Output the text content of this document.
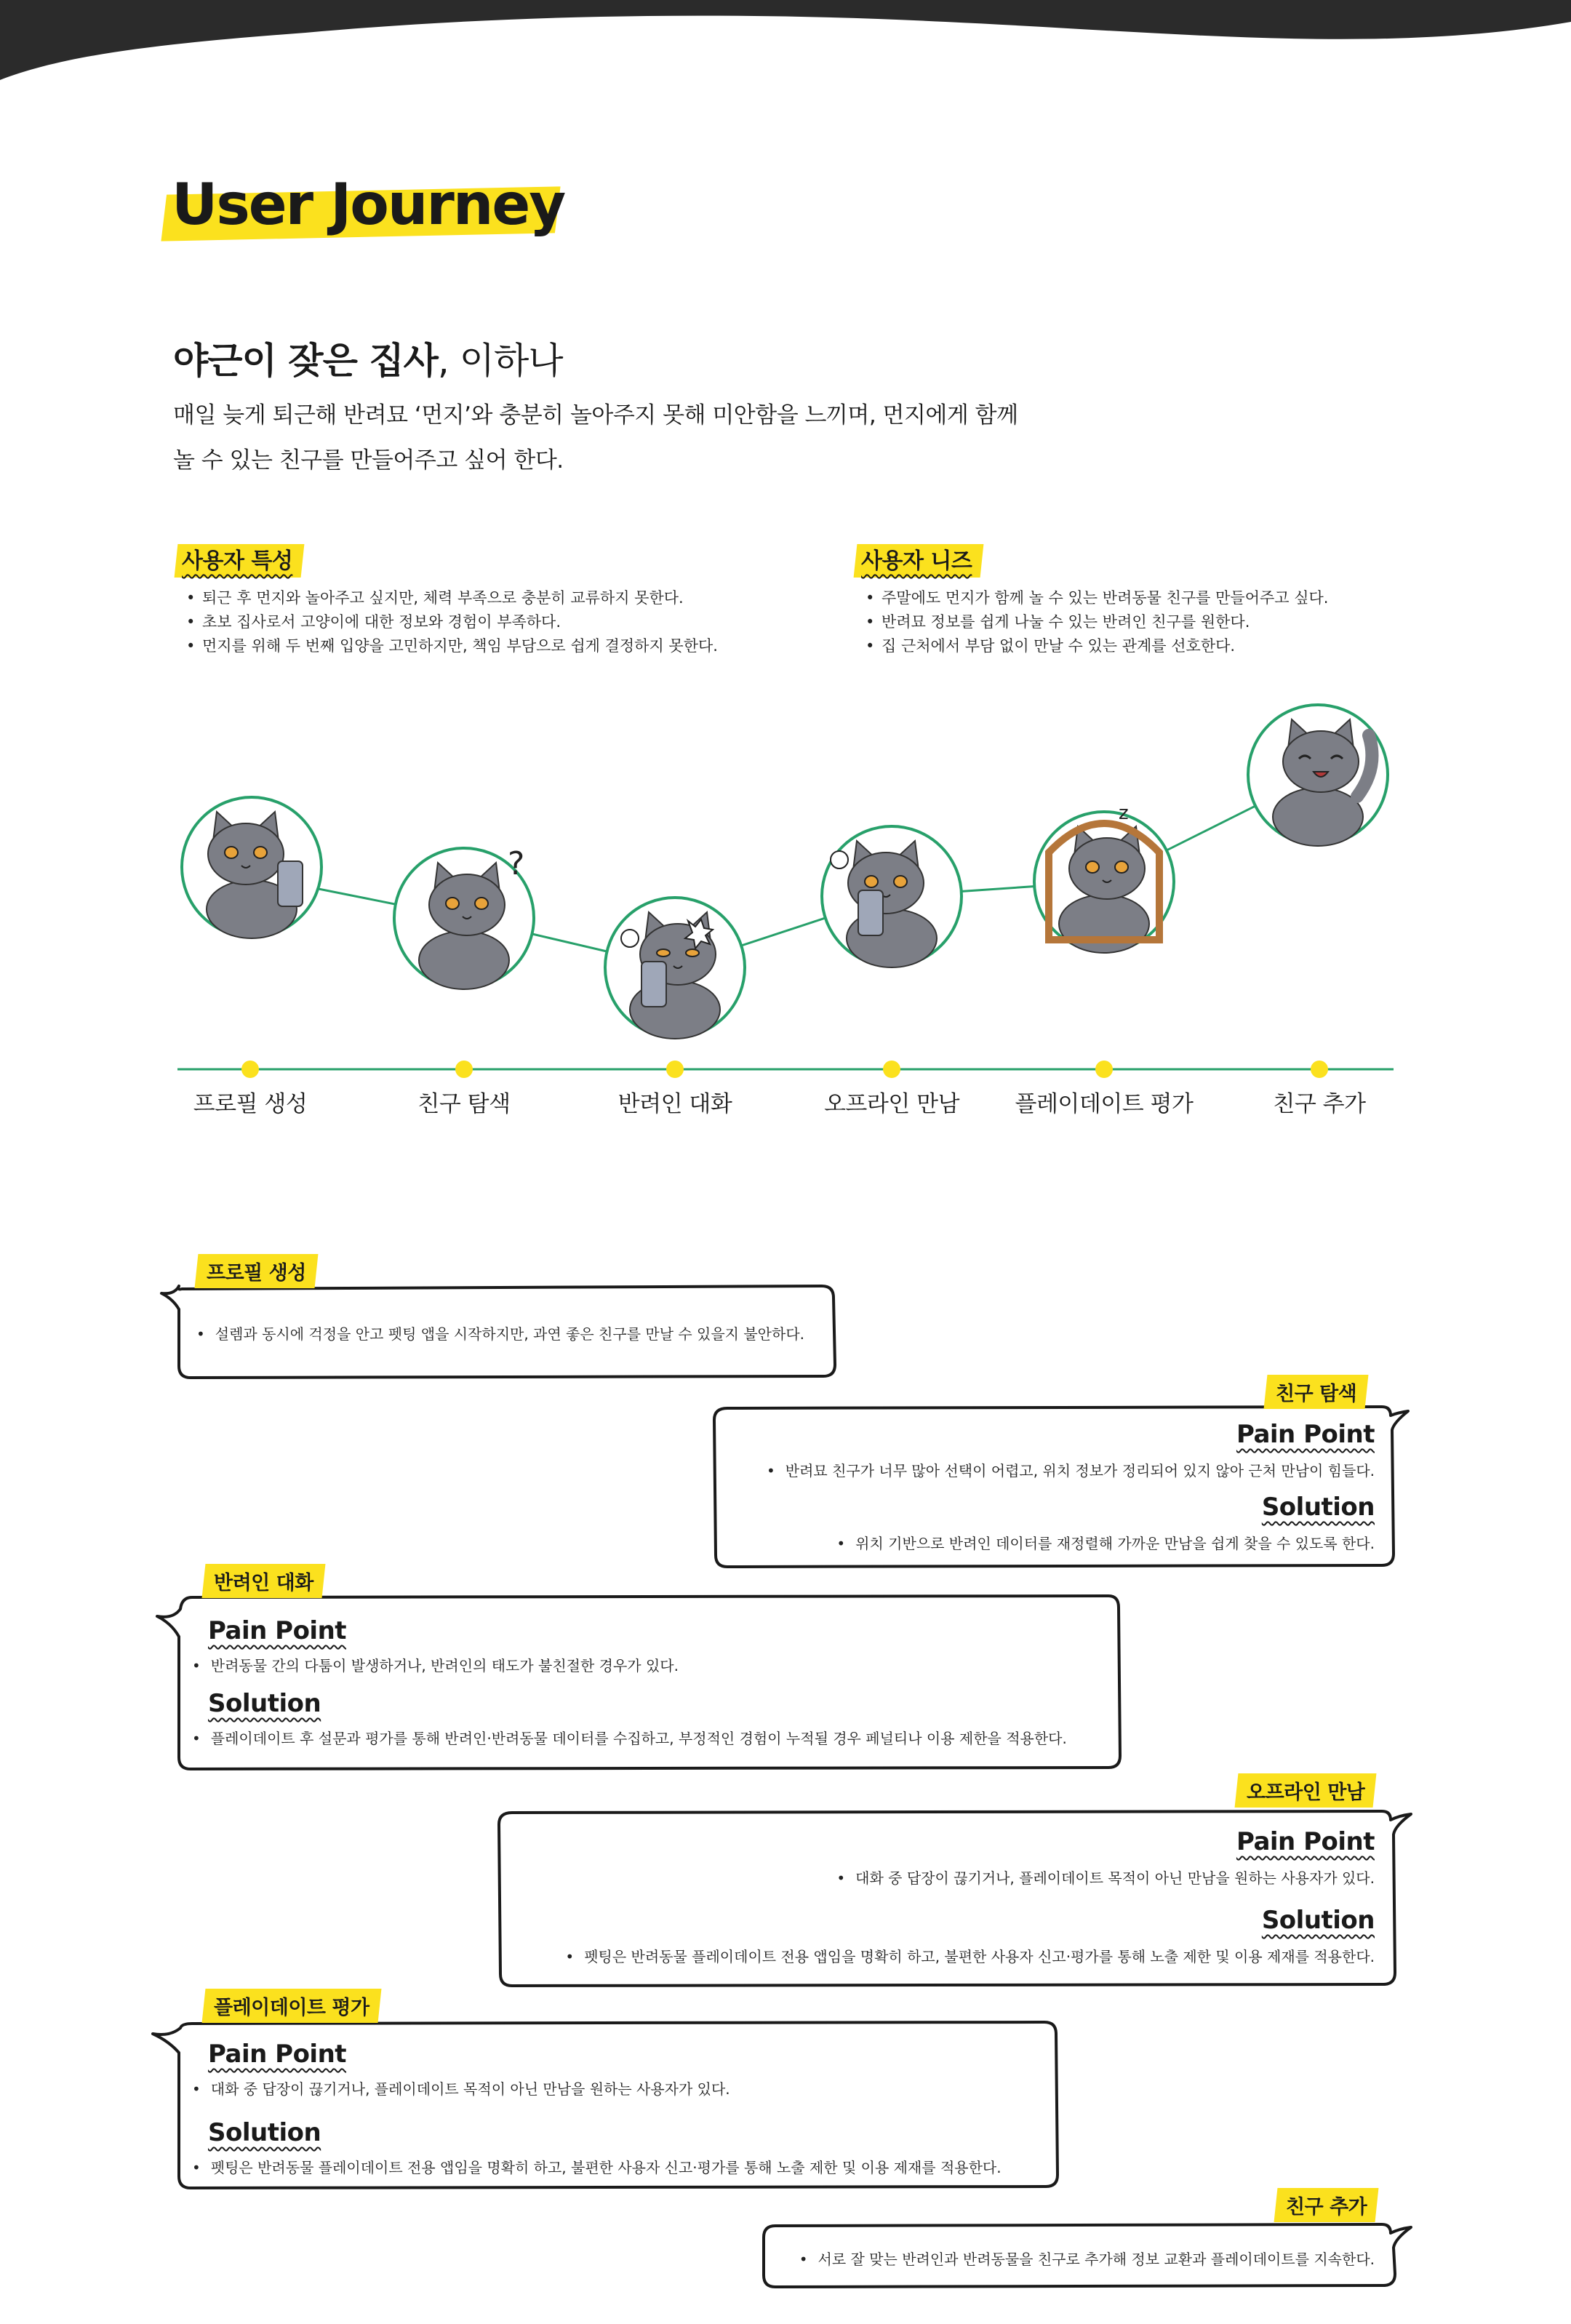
User Journey
야근이 잦은 집사, 이하나
매일 늦게 퇴근해 반려묘 ‘먼지’와 충분히 놀아주지 못해 미안함을 느끼며, 먼지에게 함께
놀 수 있는 친구를 만들어주고 싶어 한다.
사용자 특성
• 퇴근 후 먼지와 놀아주고 싶지만, 체력 부족으로 충분히 교류하지 못한다.
• 초보 집사로서 고양이에 대한 정보와 경험이 부족하다.
• 먼지를 위해 두 번째 입양을 고민하지만, 책임 부담으로 쉽게 결정하지 못한다.
사용자 니즈
• 주말에도 먼지가 함께 놀 수 있는 반려동물 친구를 만들어주고 싶다.
• 반려묘 정보를 쉽게 나눌 수 있는 반려인 친구를 원한다.
• 집 근처에서 부담 없이 만날 수 있는 관계를 선호한다.
?
z
프로필 생성	친구 탐색	반려인 대화	오프라인 만남	플레이데이트 평가	친구 추가
프로필 생성
• 설렘과 동시에 걱정을 안고 펫팅 앱을 시작하지만, 과연 좋은 친구를 만날 수 있을지 불안하다.
친구 탐색
Pain Point
• 반려묘 친구가 너무 많아 선택이 어렵고, 위치 정보가 정리되어 있지 않아 근처 만남이 힘들다.
Solution
• 위치 기반으로 반려인 데이터를 재정렬해 가까운 만남을 쉽게 찾을 수 있도록 한다.
반려인 대화
Pain Point
• 반려동물 간의 다툼이 발생하거나, 반려인의 태도가 불친절한 경우가 있다.
Solution
• 플레이데이트 후 설문과 평가를 통해 반려인·반려동물 데이터를 수집하고, 부정적인 경험이 누적될 경우 페널티나 이용 제한을 적용한다.
오프라인 만남
Pain Point
• 대화 중 답장이 끊기거나, 플레이데이트 목적이 아닌 만남을 원하는 사용자가 있다.
Solution
• 펫팅은 반려동물 플레이데이트 전용 앱임을 명확히 하고, 불편한 사용자 신고·평가를 통해 노출 제한 및 이용 제재를 적용한다.
플레이데이트 평가
Pain Point
• 대화 중 답장이 끊기거나, 플레이데이트 목적이 아닌 만남을 원하는 사용자가 있다.
Solution
• 펫팅은 반려동물 플레이데이트 전용 앱임을 명확히 하고, 불편한 사용자 신고·평가를 통해 노출 제한 및 이용 제재를 적용한다.
친구 추가
• 서로 잘 맞는 반려인과 반려동물을 친구로 추가해 정보 교환과 플레이데이트를 지속한다.
